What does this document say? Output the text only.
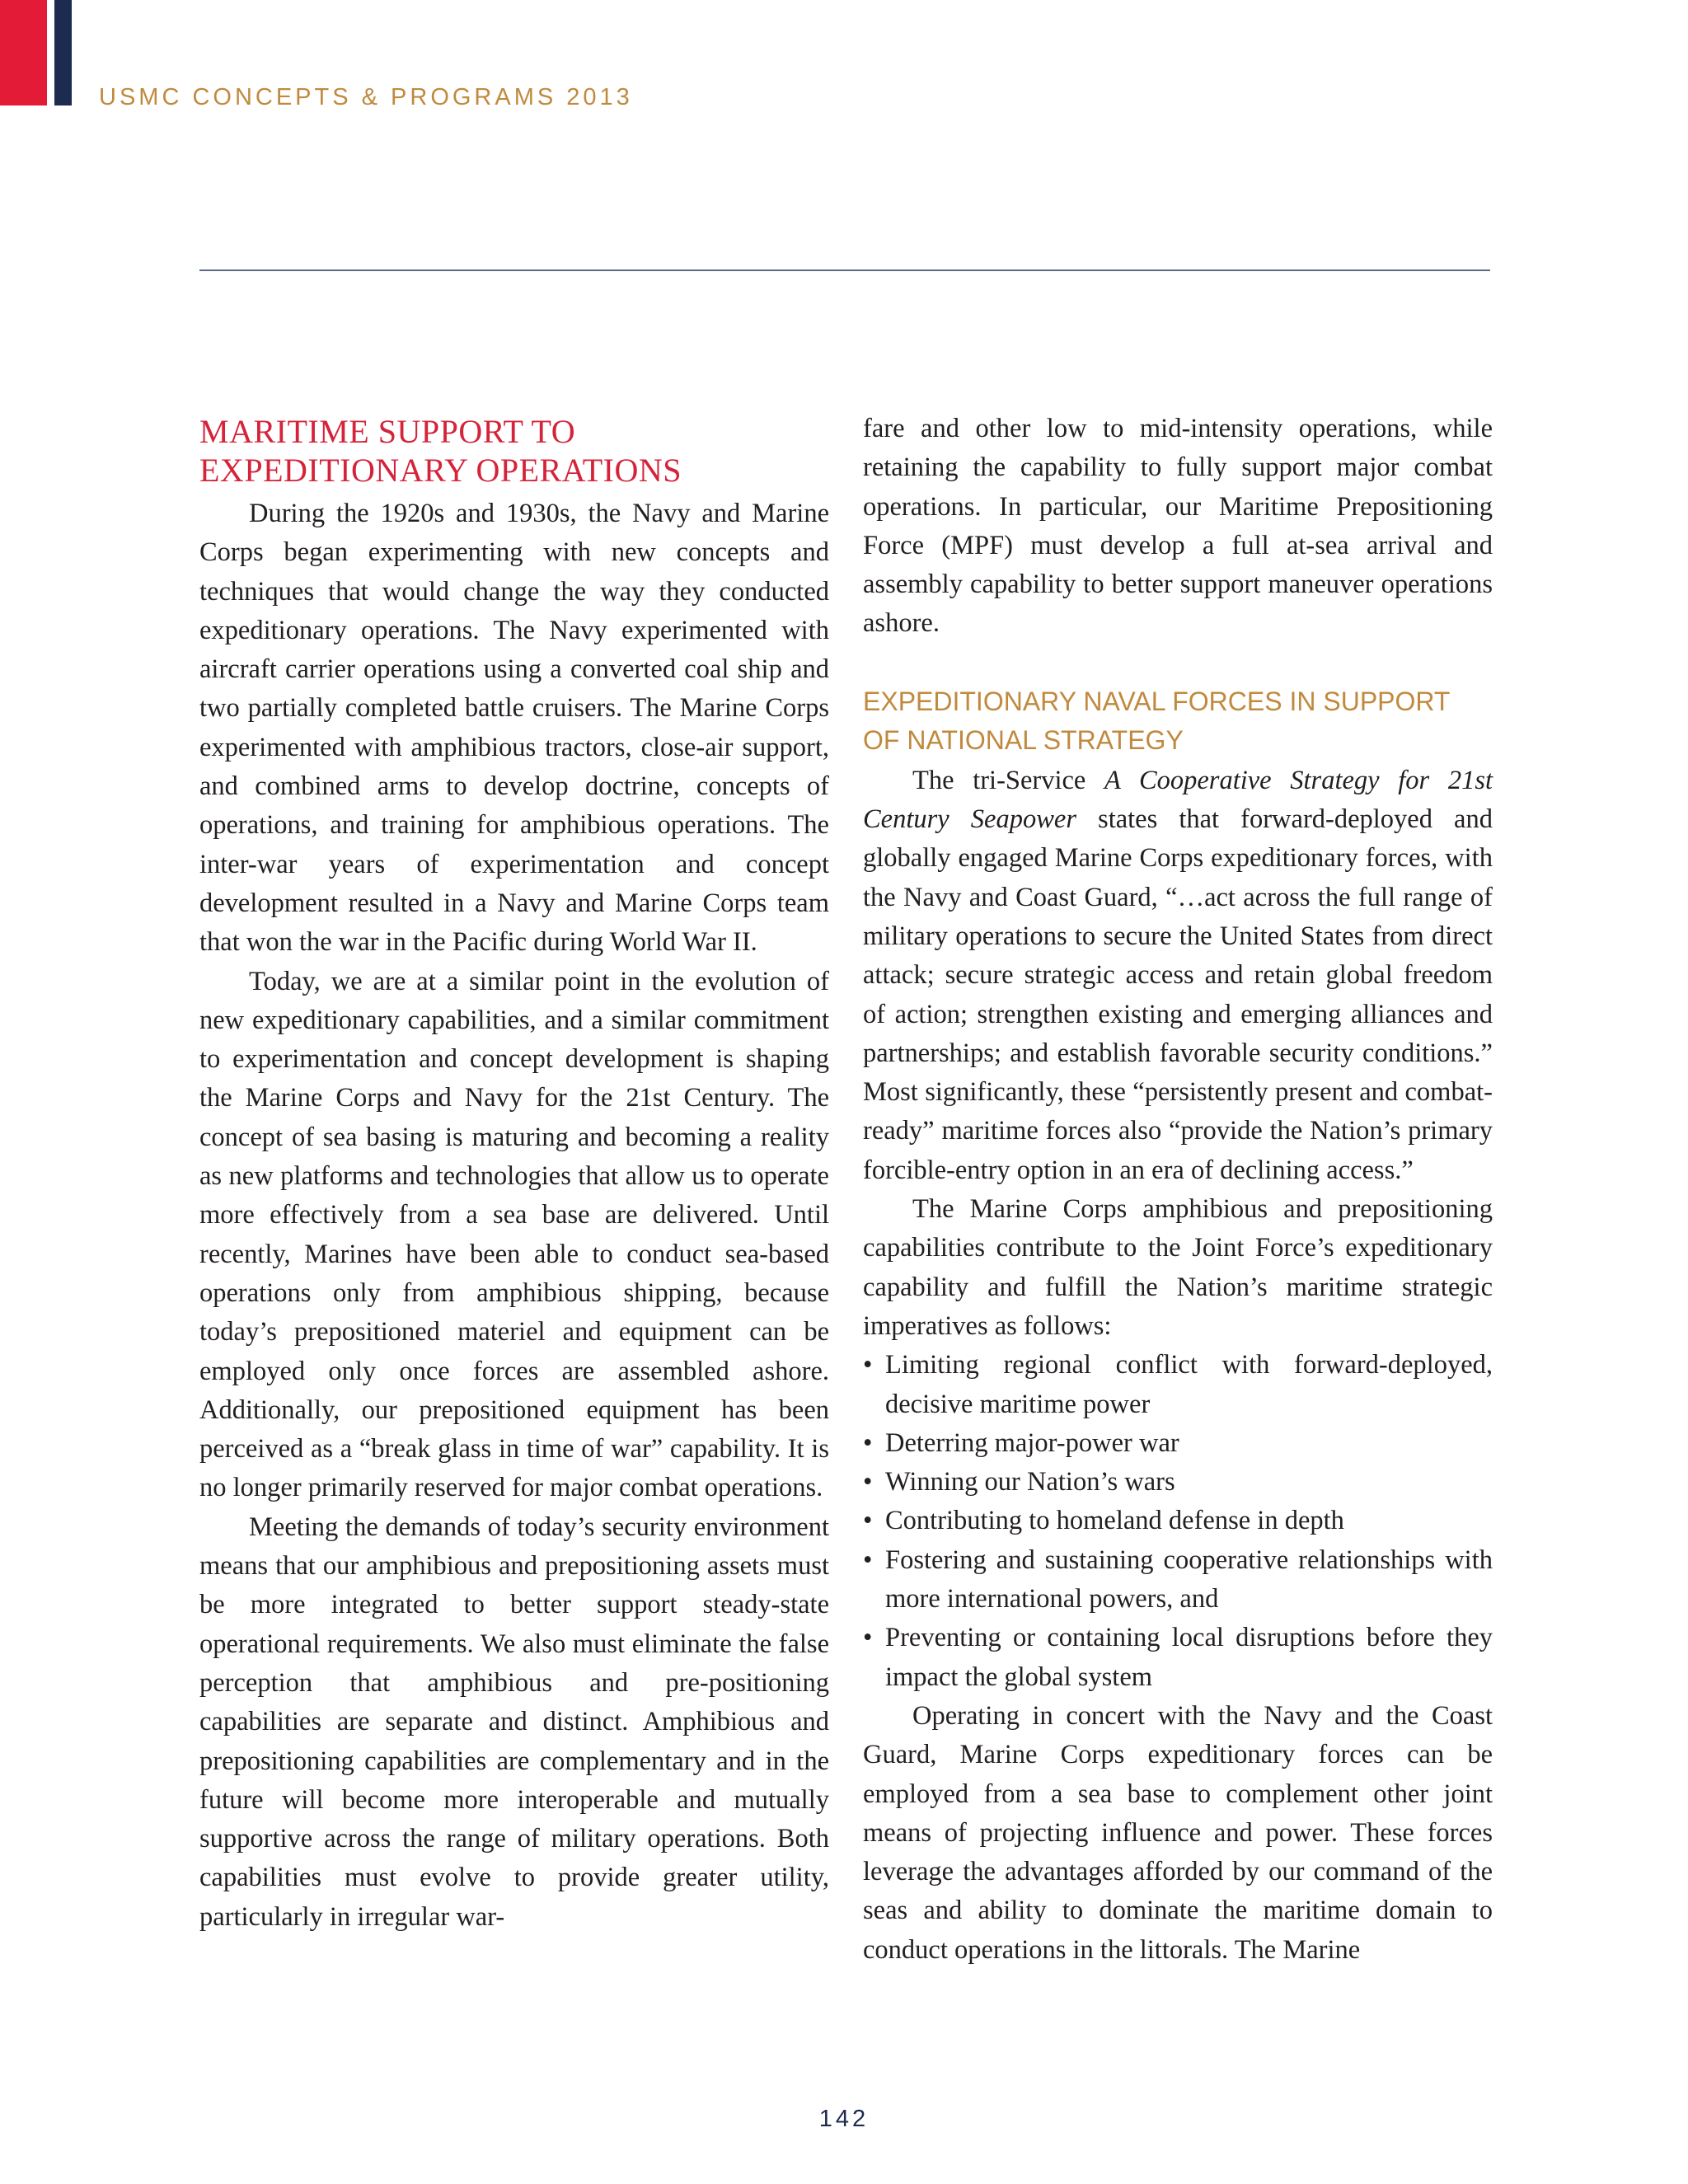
USMC CONCEPTS & PROGRAMS 2013
MARITIME SUPPORT TO
EXPEDITIONARY OPERATIONS

During the 1920s and 1930s, the Navy and Marine Corps began experimenting with new concepts and techniques that would change the way they conducted expeditionary operations. The Navy experimented with aircraft carrier operations using a converted coal ship and two partially completed battle cruisers. The Marine Corps experimented with amphibious tractors, close-air support, and combined arms to develop doctrine, concepts of operations, and training for amphibious operations. The inter-war years of experimentation and concept development resulted in a Navy and Marine Corps team that won the war in the Pacific during World War II.

Today, we are at a similar point in the evolution of new expeditionary capabilities, and a similar commitment to experimentation and concept development is shaping the Marine Corps and Navy for the 21st Century. The concept of sea basing is maturing and becoming a reality as new platforms and technologies that allow us to operate more effectively from a sea base are delivered. Until recently, Marines have been able to conduct sea-based operations only from amphibious shipping, because today’s prepositioned materiel and equipment can be employed only once forces are assembled ashore. Additionally, our prepositioned equipment has been perceived as a “break glass in time of war” capability. It is no longer primarily reserved for major combat operations.

Meeting the demands of today’s security environment means that our amphibious and prepositioning assets must be more integrated to better support steady-state operational requirements. We also must eliminate the false perception that amphibious and pre-positioning capabilities are separate and distinct. Amphibious and prepositioning capabilities are complementary and in the future will become more interoperable and mutually supportive across the range of military operations. Both capabilities must evolve to provide greater utility, particularly in irregular war-

fare and other low to mid-intensity operations, while retaining the capability to fully support major combat operations. In particular, our Maritime Prepositioning Force (MPF) must develop a full at-sea arrival and assembly capability to better support maneuver operations ashore.

EXPEDITIONARY NAVAL FORCES IN SUPPORT
OF NATIONAL STRATEGY

The tri-Service A Cooperative Strategy for 21st Century Seapower states that forward-deployed and globally engaged Marine Corps expeditionary forces, with the Navy and Coast Guard, “…act across the full range of military operations to secure the United States from direct attack; secure strategic access and retain global freedom of action; strengthen existing and emerging alliances and partnerships; and establish favorable security conditions.” Most significantly, these “persistently present and combat-ready” maritime forces also “provide the Nation’s primary forcible-entry option in an era of declining access.”

The Marine Corps amphibious and prepositioning capabilities contribute to the Joint Force’s expeditionary capability and fulfill the Nation’s maritime strategic imperatives as follows:

• Limiting regional conflict with forward-deployed, decisive maritime power
• Deterring major-power war
• Winning our Nation’s wars
• Contributing to homeland defense in depth
• Fostering and sustaining cooperative relationships with more international powers, and
• Preventing or containing local disruptions before they impact the global system

Operating in concert with the Navy and the Coast Guard, Marine Corps expeditionary forces can be employed from a sea base to complement other joint means of projecting influence and power. These forces leverage the advantages afforded by our command of the seas and ability to dominate the maritime domain to conduct operations in the littorals. The Marine

142
